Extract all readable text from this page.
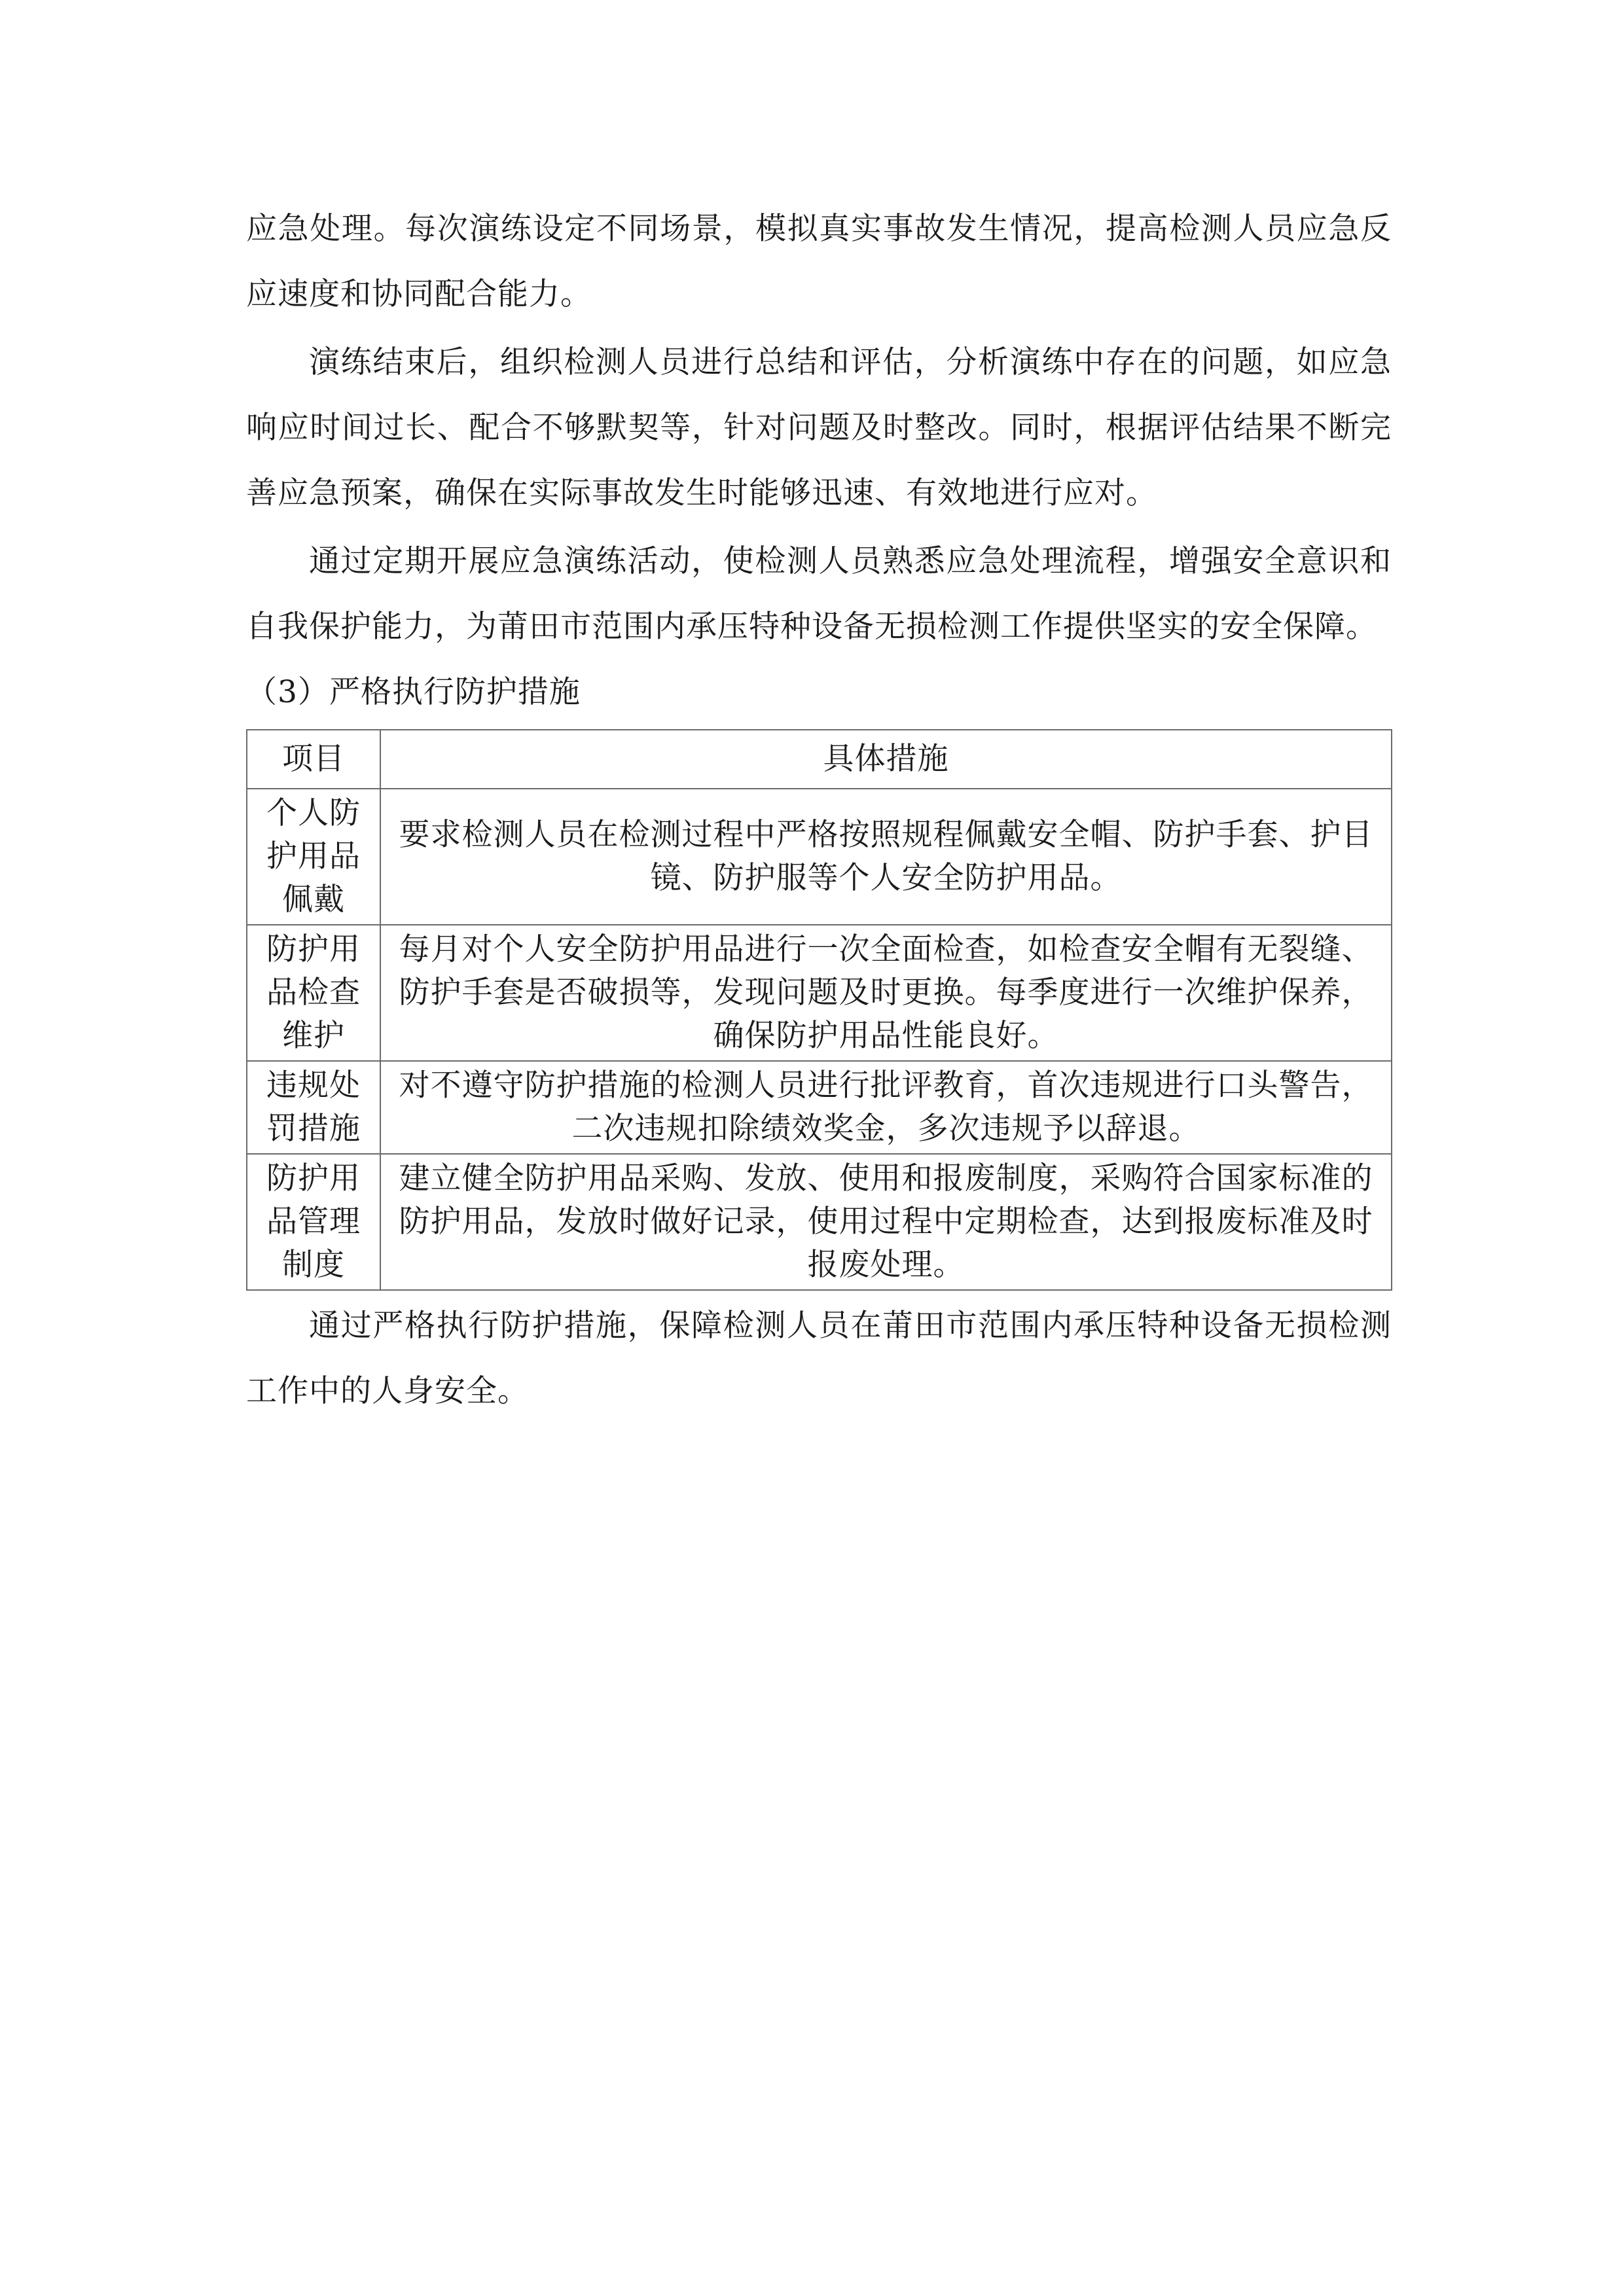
应急处理。每次演练设定不同场景，模拟真实事故发生情况，提高检测人员应急反应速度和协同配合能力。

演练结束后，组织检测人员进行总结和评估，分析演练中存在的问题，如应急响应时间过长、配合不够默契等，针对问题及时整改。同时，根据评估结果不断完善应急预案，确保在实际事故发生时能够迅速、有效地进行应对。

通过定期开展应急演练活动，使检测人员熟悉应急处理流程，增强安全意识和自我保护能力，为莆田市范围内承压特种设备无损检测工作提供坚实的安全保障。

（3）严格执行防护措施

项目	具体措施
个人防护用品佩戴	要求检测人员在检测过程中严格按照规程佩戴安全帽、防护手套、护目镜、防护服等个人安全防护用品。
防护用品检查维护	每月对个人安全防护用品进行一次全面检查，如检查安全帽有无裂缝、防护手套是否破损等，发现问题及时更换。每季度进行一次维护保养，确保防护用品性能良好。
违规处罚措施	对不遵守防护措施的检测人员进行批评教育，首次违规进行口头警告，二次违规扣除绩效奖金，多次违规予以辞退。
防护用品管理制度	建立健全防护用品采购、发放、使用和报废制度，采购符合国家标准的防护用品，发放时做好记录，使用过程中定期检查，达到报废标准及时报废处理。

通过严格执行防护措施，保障检测人员在莆田市范围内承压特种设备无损检测工作中的人身安全。
